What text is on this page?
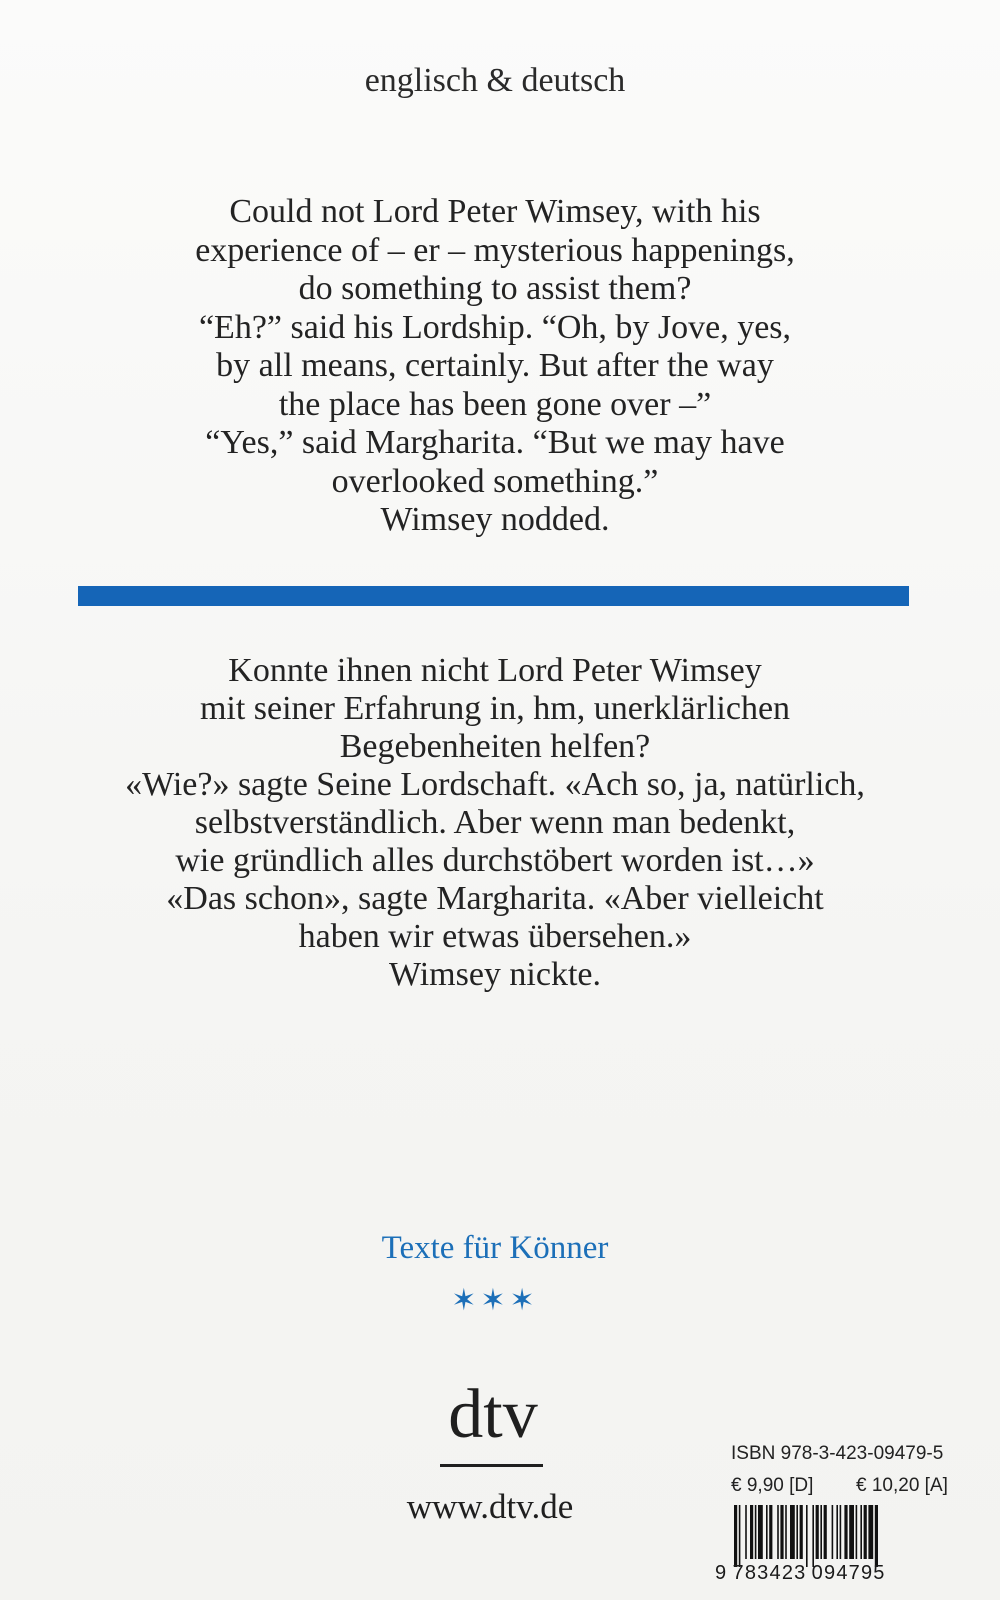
englisch & deutsch
Could not Lord Peter Wimsey, with his
experience of – er – mysterious happenings,
do something to assist them?
“Eh?” said his Lordship. “Oh, by Jove, yes,
by all means, certainly. But after the way
the place has been gone over –”
“Yes,” said Margharita. “But we may have
overlooked something.”
Wimsey nodded.
Konnte ihnen nicht Lord Peter Wimsey
mit seiner Erfahrung in, hm, unerklärlichen
Begebenheiten helfen?
«Wie?» sagte Seine Lordschaft. «Ach so, ja, natürlich,
selbstverständlich. Aber wenn man bedenkt,
wie gründlich alles durchstöbert worden ist…»
«Das schon», sagte Margharita. «Aber vielleicht
haben wir etwas übersehen.»
Wimsey nickte.
Texte für Könner
✶✶✶
dtv
www.dtv.de
ISBN 978-3-423-09479-5
€ 9,90 [D] € 10,20 [A]
9 783423 094795
